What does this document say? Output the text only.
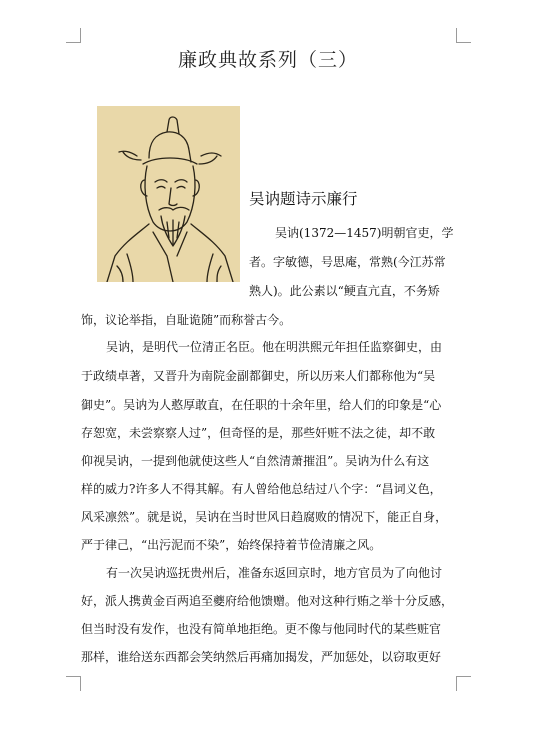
廉政典故系列（三）
吴讷题诗示廉行
吴讷(1372—1457)明朝官吏，学
者。字敏德，号思庵，常熟(今江苏常
熟人)。此公素以“鲠直亢直，不务矫
饰，议论举指，自耻诡随”而称誉古今。
吴讷，是明代一位清正名臣。他在明洪熙元年担任监察御史，由
于政绩卓著，又晋升为南院金副都御史，所以历来人们都称他为“吴
御史”。吴讷为人憨厚敢直，在任职的十余年里，给人们的印象是“心
存恕宽，未尝察察人过”，但奇怪的是，那些奸赃不法之徒，却不敢
仰视吴讷，一提到他就使这些人“自然清萧摧沮”。吴讷为什么有这
样的威力?许多人不得其解。有人曾给他总结过八个字：“昌词义色，
风采凛然”。就是说，吴讷在当时世风日趋腐败的情况下，能正自身，
严于律己，“出污泥而不染”，始终保持着节俭清廉之风。
有一次吴讷巡抚贵州后，准备东返回京时，地方官员为了向他讨
好，派人携黄金百两追至夔府给他馈赠。他对这种行贿之举十分反感，
但当时没有发作，也没有简单地拒绝。更不像与他同时代的某些赃官
那样，谁给送东西都会笑纳然后再痛加揭发，严加惩处，以窃取更好
